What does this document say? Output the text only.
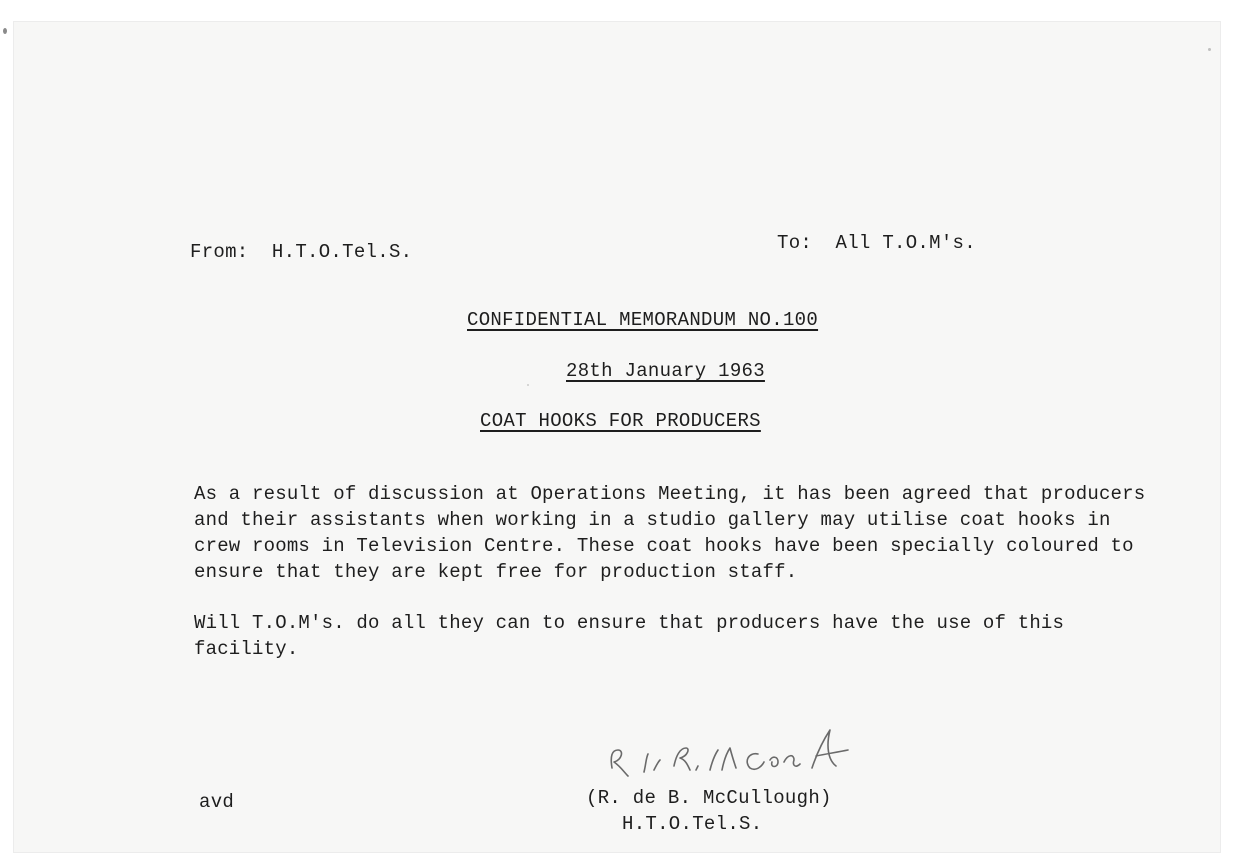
From: H.T.O.Tel.S.	To: All T.O.M's.
CONFIDENTIAL MEMORANDUM NO.100
28th January 1963
COAT HOOKS FOR PRODUCERS
As a result of discussion at Operations Meeting, it has been agreed that producers and their assistants when working in a studio gallery may utilise coat hooks in crew rooms in Television Centre. These coat hooks have been specially coloured to ensure that they are kept free for production staff.
Will T.O.M's. do all they can to ensure that producers have the use of this facility.
(R. de B. McCullough)
H.T.O.Tel.S.
avd
